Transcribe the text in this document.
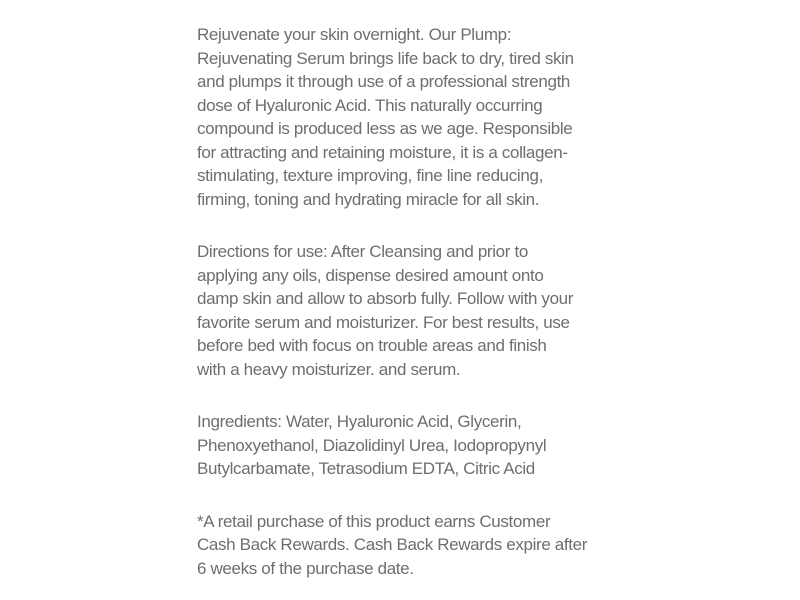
Rejuvenate your skin overnight. Our Plump:
Rejuvenating Serum brings life back to dry, tired skin
and plumps it through use of a professional strength
dose of Hyaluronic Acid. This naturally occurring
compound is produced less as we age. Responsible
for attracting and retaining moisture, it is a collagen-
stimulating, texture improving, fine line reducing,
firming, toning and hydrating miracle for all skin.
Directions for use: After Cleansing and prior to
applying any oils, dispense desired amount onto
damp skin and allow to absorb fully. Follow with your
favorite serum and moisturizer. For best results, use
before bed with focus on trouble areas and finish
with a heavy moisturizer. and serum.
Ingredients: Water, Hyaluronic Acid, Glycerin,
Phenoxyethanol, Diazolidinyl Urea, Iodopropynyl
Butylcarbamate, Tetrasodium EDTA, Citric Acid
*A retail purchase of this product earns Customer
Cash Back Rewards. Cash Back Rewards expire after
6 weeks of the purchase date.
